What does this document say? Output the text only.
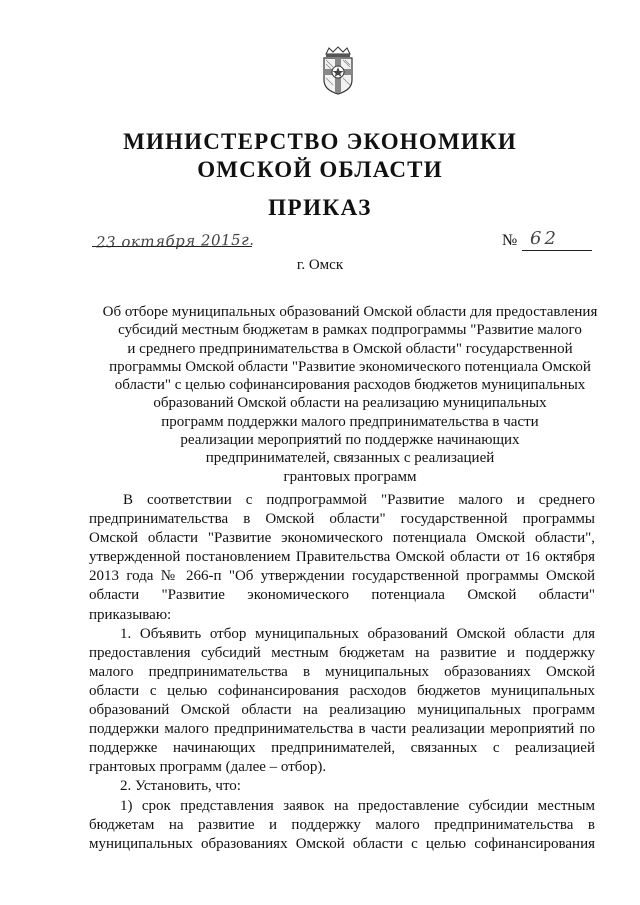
МИНИСТЕРСТВО ЭКОНОМИКИ
ОМСКОЙ ОБЛАСТИ
ПРИКАЗ
23 октября 2015г.	№ 62
г. Омск
Об отборе муниципальных образований Омской области для предоставления
субсидий местным бюджетам в рамках подпрограммы "Развитие малого
и среднего предпринимательства в Омской области" государственной
программы Омской области "Развитие экономического потенциала Омской
области" с целью софинансирования расходов бюджетов муниципальных
образований Омской области на реализацию муниципальных
программ поддержки малого предпринимательства в части
реализации мероприятий по поддержке начинающих
предпринимателей, связанных с реализацией
грантовых программ
В соответствии с подпрограммой "Развитие малого и среднего
предпринимательства в Омской области" государственной программы
Омской области "Развитие экономического потенциала Омской области",
утвержденной постановлением Правительства Омской области от 16 октября
2013 года № 266-п "Об утверждении государственной программы Омской
области "Развитие экономического потенциала Омской области"
приказываю:
1. Объявить отбор муниципальных образований Омской области для
предоставления субсидий местным бюджетам на развитие и поддержку
малого предпринимательства в муниципальных образованиях Омской
области с целью софинансирования расходов бюджетов муниципальных
образований Омской области на реализацию муниципальных программ
поддержки малого предпринимательства в части реализации мероприятий по
поддержке начинающих предпринимателей, связанных с реализацией
грантовых программ (далее – отбор).
2. Установить, что:
1) срок представления заявок на предоставление субсидии местным
бюджетам на развитие и поддержку малого предпринимательства в
муниципальных образованиях Омской области с целью софинансирования
